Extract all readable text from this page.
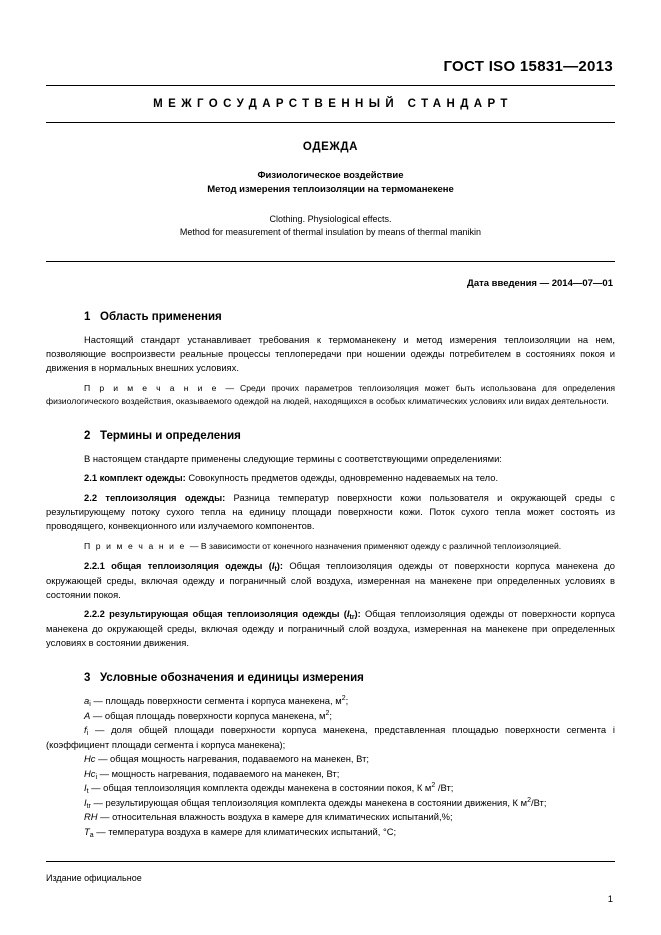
ГОСТ ISO 15831—2013
МЕЖГОСУДАРСТВЕННЫЙ СТАНДАРТ
ОДЕЖДА
Физиологическое воздействие
Метод измерения теплоизоляции на термоманекене
Clothing. Physiological effects.
Method for measurement of thermal insulation by means of thermal manikin
Дата введения — 2014—07—01
1 Область применения

Настоящий стандарт устанавливает требования к термоманекену и метод измерения теплоизоляции на нем, позволяющие воспроизвести реальные процессы теплопередачи при ношении одежды потребителем в состояниях покоя и движения в нормальных внешних условиях.

П р и м е ч а н и е — Среди прочих параметров теплоизоляция может быть использована для определения физиологического воздействия, оказываемого одеждой на людей, находящихся в особых климатических условиях или видах деятельности.

2 Термины и определения

В настоящем стандарте применены следующие термины с соответствующими определениями:

2.1 комплект одежды: Совокупность предметов одежды, одновременно надеваемых на тело.

2.2 теплоизоляция одежды: Разница температур поверхности кожи пользователя и окружающей среды с результирующему потоку сухого тепла на единицу площади поверхности кожи. Поток сухого тепла может состоять из проводящего, конвекционного или излучаемого компонентов.

П р и м е ч а н и е — В зависимости от конечного назначения применяют одежду с различной теплоизоляцией.

2.2.1 общая теплоизоляция одежды $(I_t)$: Общая теплоизоляция одежды от поверхности корпуса манекена до окружающей среды, включая одежду и пограничный слой воздуха, измеренная на манекене при определенных условиях в состоянии покоя.

2.2.2 результирующая общая теплоизоляция одежды $(I_{tr})$: Общая теплоизоляция одежды от поверхности корпуса манекена до окружающей среды, включая одежду и пограничный слой воздуха, измеренная на манекене при определенных условиях в состоянии движения.

3 Условные обозначения и единицы измерения

$a_i$ — площадь поверхности сегмента i корпуса манекена, $м^2$;

A — общая площадь поверхности корпуса манекена, $м^2$;

$f_i$ — доля общей площади поверхности корпуса манекена, представленная площадью поверхности сегмента i (коэффициент площади сегмента i корпуса манекена);

Hc — общая мощность нагревания, подаваемого на манекен, Вт;

$Hc_i$ — мощность нагревания, подаваемого на манекен, Вт;

$I_t$ — общая теплоизоляция комплекта одежды манекена в состоянии покоя, К $м^2$ /Вт;

$I_{tr}$ — результирующая общая теплоизоляция комплекта одежды манекена в состоянии движения, К $м^2/Вт$;

RH — относительная влажность воздуха в камере для климатических испытаний,%;

$T_a$ — температура воздуха в камере для климатических испытаний, °С;

Издание официальное
1
